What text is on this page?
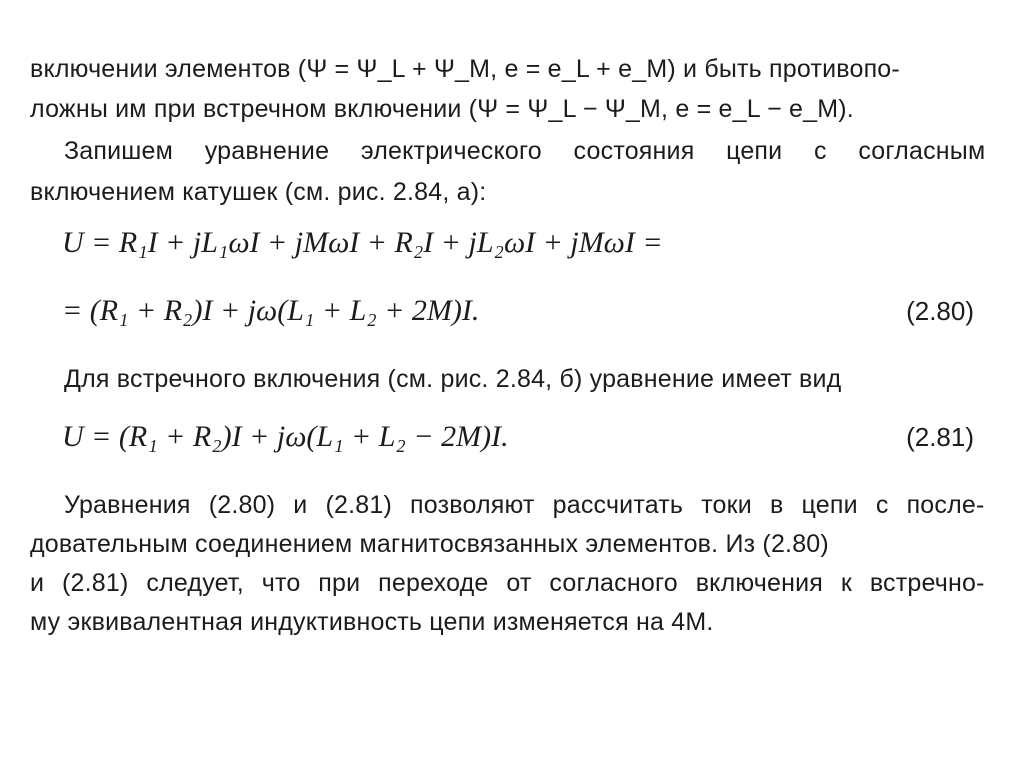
включении элементов (Ψ = Ψ_L + Ψ_М, e = e_L + e_М) и быть противопо-
ложны им при встречном включении (Ψ = Ψ_L − Ψ_М, e = e_L − e_М).
Запишем уравнение электрического состояния цепи с согласным
включением катушек (см. рис. 2.84, а):
U = R₁I + jL₁ωI + jMωI + R₂I + jL₂ωI + jMωI =
= (R₁ + R₂)I + jω(L₁ + L₂ + 2M)I.	(2.80)
Для встречного включения (см. рис. 2.84, б) уравнение имеет вид
U = (R₁ + R₂)I + jω(L₁ + L₂ − 2M)I.	(2.81)
Уравнения (2.80) и (2.81) позволяют рассчитать токи в цепи с после-
довательным соединением магнитосвязанных элементов. Из (2.80)
и (2.81) следует, что при переходе от согласного включения к встречно-
му эквивалентная индуктивность цепи изменяется на 4M.
